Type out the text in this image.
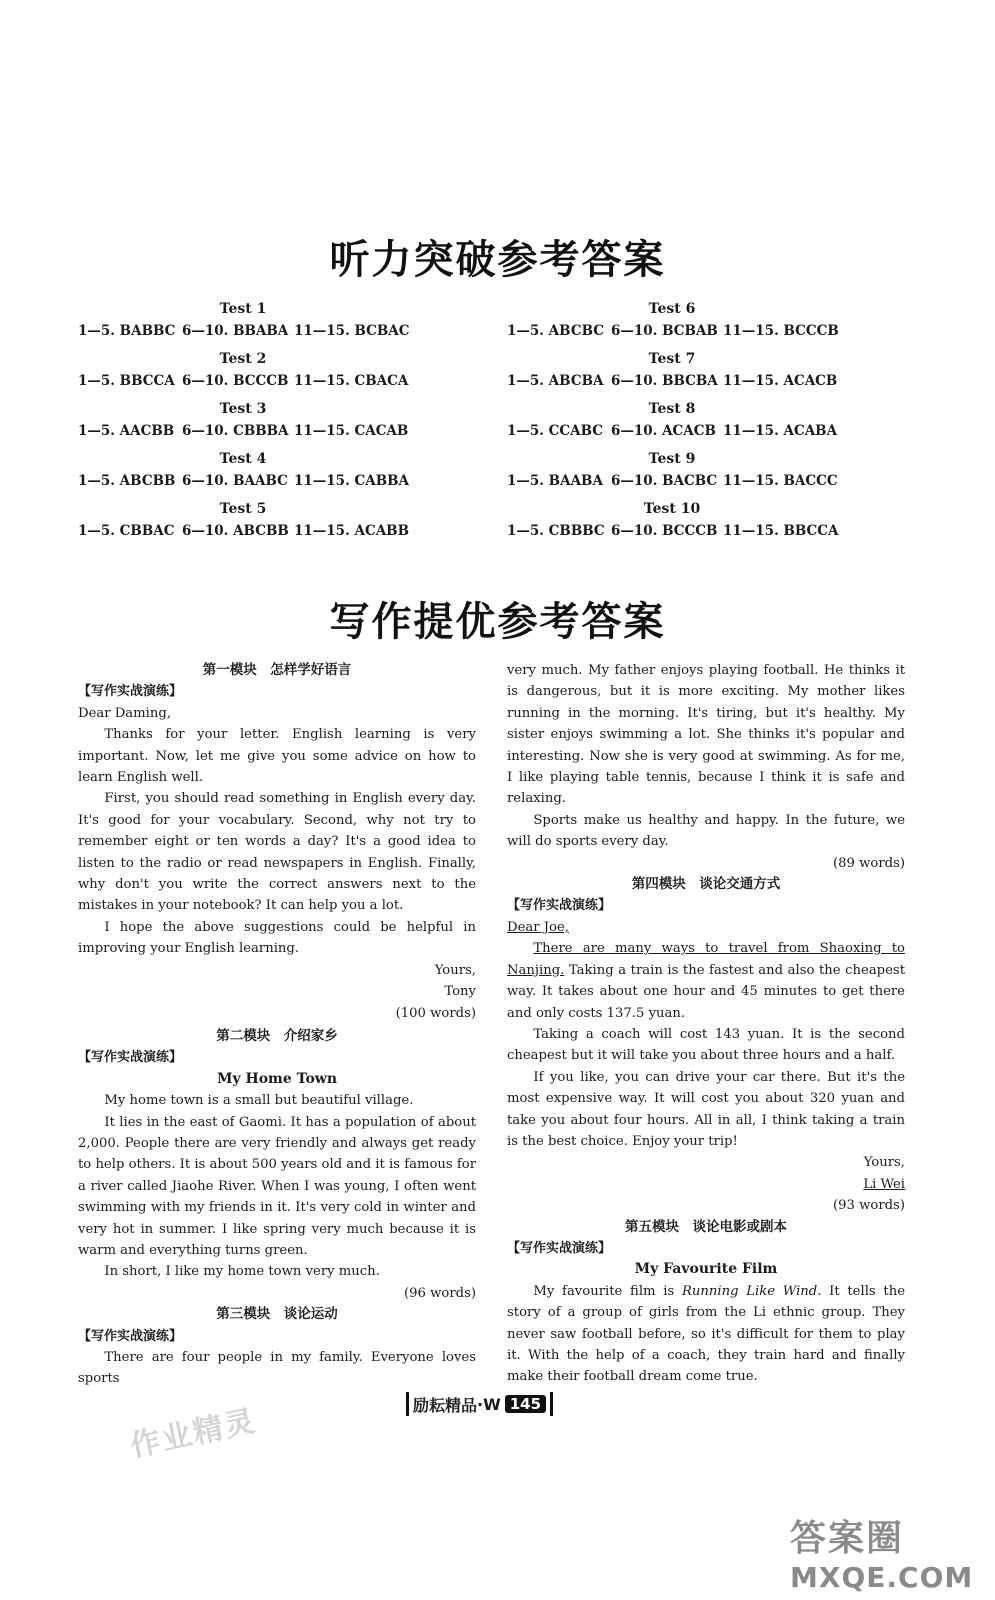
听力突破参考答案
Test 1
1—5. BABBC 6—10. BBABA 11—15. BCBAC
Test 2
1—5. BBCCA 6—10. BCCCB 11—15. CBACA
Test 3
1—5. AACBB 6—10. CBBBA 11—15. CACAB
Test 4
1—5. ABCBB 6—10. BAABC 11—15. CABBA
Test 5
1—5. CBBAC 6—10. ABCBB 11—15. ACABB
Test 6
1—5. ABCBC 6—10. BCBAB 11—15. BCCCB
Test 7
1—5. ABCBA 6—10. BBCBA 11—15. ACACB
Test 8
1—5. CCABC 6—10. ACACB 11—15. ACABA
Test 9
1—5. BAABA 6—10. BACBC 11—15. BACCC
Test 10
1—5. CBBBC 6—10. BCCCB 11—15. BBCCA
写作提优参考答案
第一模块　怎样学好语言
【写作实战演练】

Dear Daming,

Thanks for your letter. English learning is very important. Now, let me give you some advice on how to learn English well.

First, you should read something in English every day. It's good for your vocabulary. Second, why not try to remember eight or ten words a day? It's a good idea to listen to the radio or read newspapers in English. Finally, why don't you write the correct answers next to the mistakes in your notebook? It can help you a lot.

I hope the above suggestions could be helpful in improving your English learning.

Yours,

Tony

(100 words)

第二模块　介绍家乡
【写作实战演练】
My Home Town

My home town is a small but beautiful village.

It lies in the east of Gaomi. It has a population of about 2,000. People there are very friendly and always get ready to help others. It is about 500 years old and it is famous for a river called Jiaohe River. When I was young, I often went swimming with my friends in it. It's very cold in winter and very hot in summer. I like spring very much because it is warm and everything turns green.

In short, I like my home town very much.

(96 words)

第三模块　谈论运动
【写作实战演练】

There are four people in my family. Everyone loves sports

very much. My father enjoys playing football. He thinks it is dangerous, but it is more exciting. My mother likes running in the morning. It's tiring, but it's healthy. My sister enjoys swimming a lot. She thinks it's popular and interesting. Now she is very good at swimming. As for me, I like playing table tennis, because I think it is safe and relaxing.

Sports make us healthy and happy. In the future, we will do sports every day.

(89 words)

第四模块　谈论交通方式
【写作实战演练】

Dear Joe,

There are many ways to travel from Shaoxing to Nanjing. Taking a train is the fastest and also the cheapest way. It takes about one hour and 45 minutes to get there and only costs 137.5 yuan.

Taking a coach will cost 143 yuan. It is the second cheapest but it will take you about three hours and a half.

If you like, you can drive your car there. But it's the most expensive way. It will cost you about 320 yuan and take you about four hours. All in all, I think taking a train is the best choice. Enjoy your trip!

Yours,

Li Wei

(93 words)

第五模块　谈论电影或剧本
【写作实战演练】
My Favourite Film

My favourite film is Running Like Wind. It tells the story of a group of girls from the Li ethnic group. They never saw football before, so it's difficult for them to play it. With the help of a coach, they train hard and finally make their football dream come true.

励耘精品 · W 145
作业精灵
答案圈
MXQE.COM
